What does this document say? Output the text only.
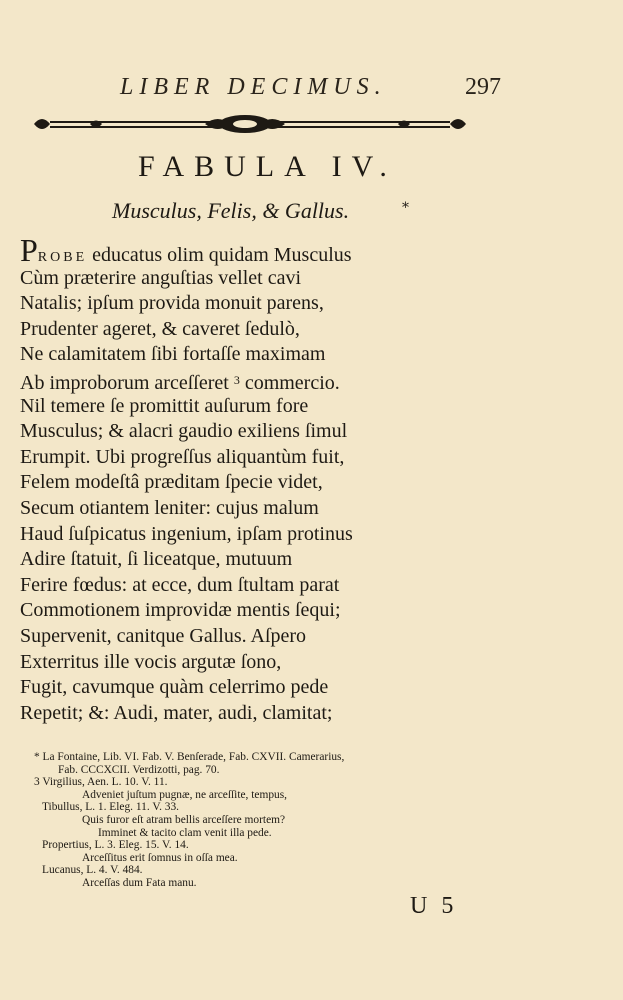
LIBER DECIMUS.	297
FABULA IV.
Musculus, Felis, & Gallus.	*
PROBE educatus olim quidam Musculus
Cùm præterire anguſtias vellet cavi
Natalis; ipſum provida monuit parens,
Prudenter ageret, & caveret ſedulò,
Ne calamitatem ſibi fortaſſe maximam
Ab improborum arceſſeret $^3$ commercio.
Nil temere ſe promittit auſurum fore
Musculus; & alacri gaudio exiliens ſimul
Erumpit. Ubi progreſſus aliquantùm fuit,
Felem modeſtâ præditam ſpecie videt,
Secum otiantem leniter: cujus malum
Haud ſuſpicatus ingenium, ipſam protinus
Adire ſtatuit, ſi liceatque, mutuum
Ferire fœdus: at ecce, dum ſtultam parat
Commotionem improvidæ mentis ſequi;
Supervenit, canitque Gallus. Aſpero
Exterritus ille vocis argutæ ſono,
Fugit, cavumque quàm celerrimo pede
Repetit; &: Audi, mater, audi, clamitat;
* La Fontaine, Lib. VI. Fab. V. Benſerade, Fab. CXVII. Camerarius,
Fab. CCCXCII. Verdizotti, pag. 70.
3 Virgilius, Aen. L. 10. V. 11.
Adveniet juſtum pugnæ, ne arceſſite, tempus,
Tibullus, L. 1. Eleg. 11. V. 33.
Quis furor eſt atram bellis arceſſere mortem?
Imminet & tacito clam venit illa pede.
Propertius, L. 3. Eleg. 15. V. 14.
Arceſſitus erit ſomnus in oſſa mea.
Lucanus, L. 4. V. 484.
Arceſſas dum Fata manu.
U 5
